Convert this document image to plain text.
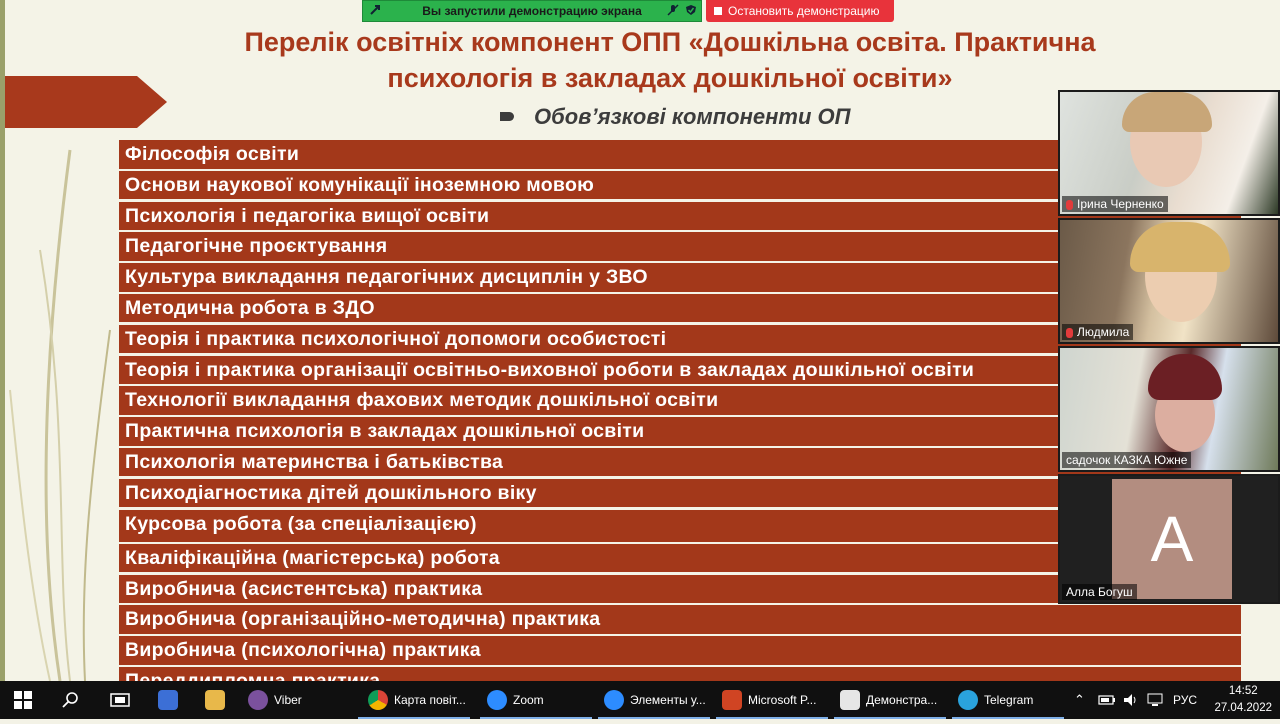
Перелік освітніх компонент ОПП «Дошкільна освіта. Практична
психологія в закладах дошкільної освіти»
Обов’язкові компоненти ОП
Філософія освіти
Основи наукової комунікації іноземною мовою
Психологія і педагогіка вищої освіти
Педагогічне проєктування
Культура викладання педагогічних дисциплін у ЗВО
Методична робота в ЗДО
Теорія і практика психологічної допомоги особистості
Теорія і практика організації освітньо-виховної роботи в закладах дошкільної освіти
Технології викладання фахових методик дошкільної освіти
Практична психологія в закладах дошкільної освіти
Психологія материнства і батьківства
Психодіагностика дітей дошкільного віку
Курсова робота (за спеціалізацією)
Кваліфікаційна (магістерська) робота
Виробнича (асистентська) практика
Виробнича (організаційно-методична) практика
Виробнича (психологічна) практика
Вы запустили демонстрацию экрана	Остановить демонстрацию
Ірина Черненко
Людмила
садочок КАЗКА Южне
A
Алла Богуш
Viber	Карта повіт...	Zoom	Элементы у...	Microsoft P...	Демонстра...	Telegram	⌃	РУС
14:52
27.04.2022
